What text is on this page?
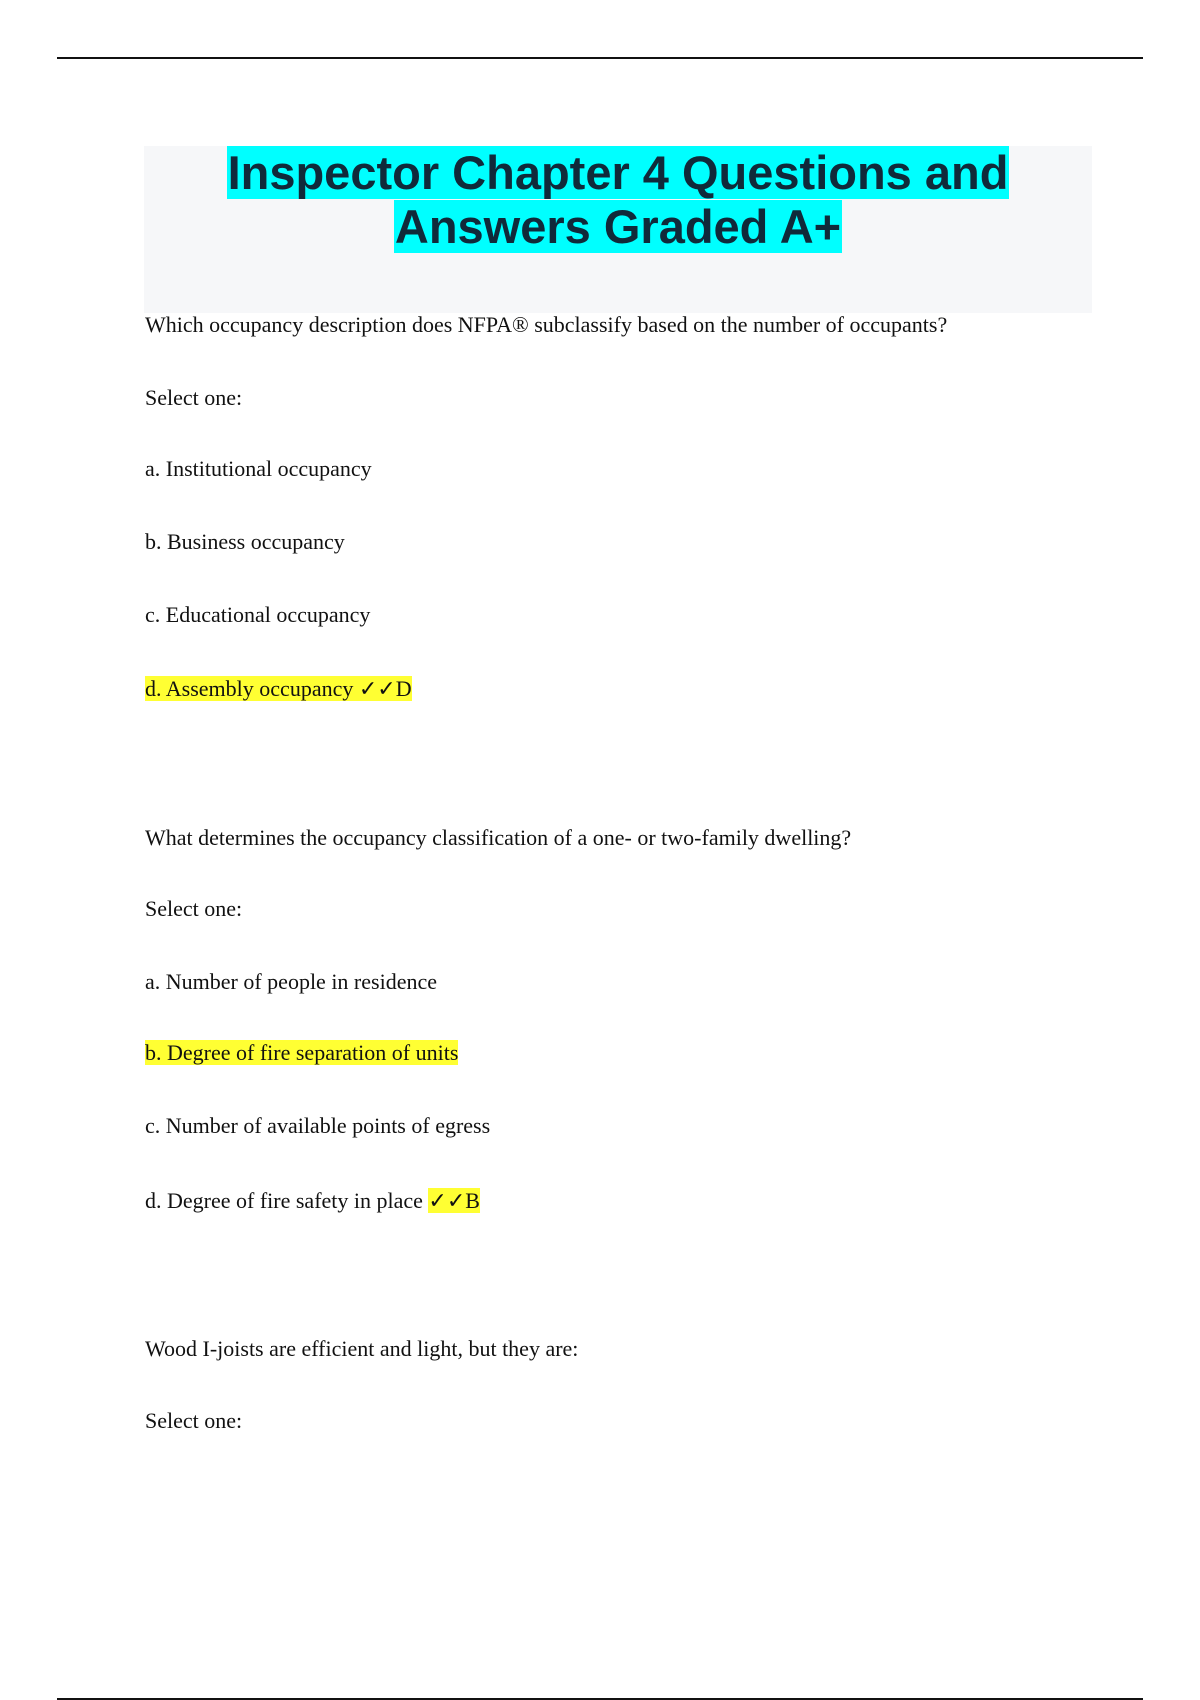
Inspector Chapter 4 Questions and
Answers Graded A+
Which occupancy description does NFPA® subclassify based on the number of occupants?
Select one:
a. Institutional occupancy
b. Business occupancy
c. Educational occupancy
d. Assembly occupancy ✓✓D
What determines the occupancy classification of a one- or two-family dwelling?
Select one:
a. Number of people in residence
b. Degree of fire separation of units
c. Number of available points of egress
d. Degree of fire safety in place ✓✓B
Wood I-joists are efficient and light, but they are:
Select one:
